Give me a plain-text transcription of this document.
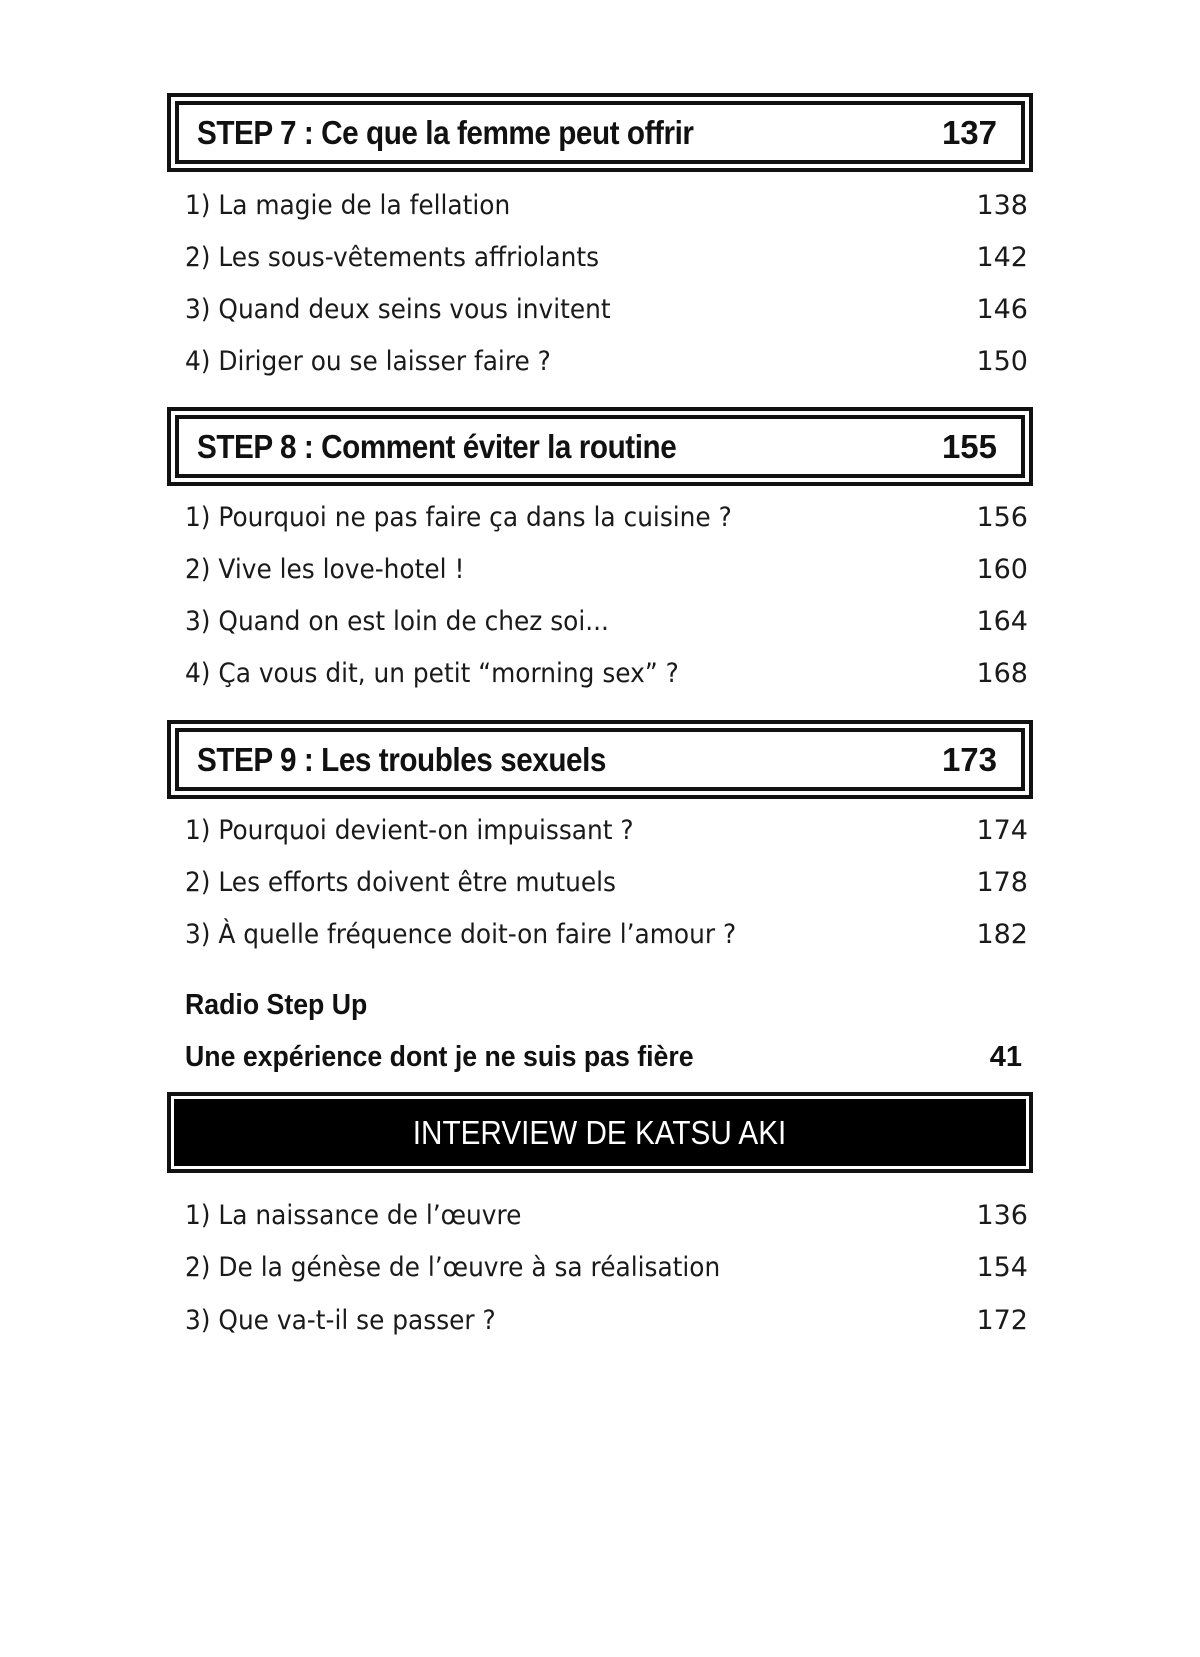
STEP 7 : Ce que la femme peut offrir	137
1) La magie de la fellation	138
2) Les sous-vêtements affriolants	142
3) Quand deux seins vous invitent	146
4) Diriger ou se laisser faire ?	150
STEP 8 : Comment éviter la routine	155
1) Pourquoi ne pas faire ça dans la cuisine ?	156
2) Vive les love-hotel !	160
3) Quand on est loin de chez soi...	164
4) Ça vous dit, un petit “morning sex” ?	168
STEP 9 : Les troubles sexuels	173
1) Pourquoi devient-on impuissant ?	174
2) Les efforts doivent être mutuels	178
3) À quelle fréquence doit-on faire l’amour ?	182
Radio Step Up
Une expérience dont je ne suis pas fière	41
INTERVIEW DE KATSU AKI
1) La naissance de l’œuvre	136
2) De la génèse de l’œuvre à sa réalisation	154
3) Que va-t-il se passer ?	172
